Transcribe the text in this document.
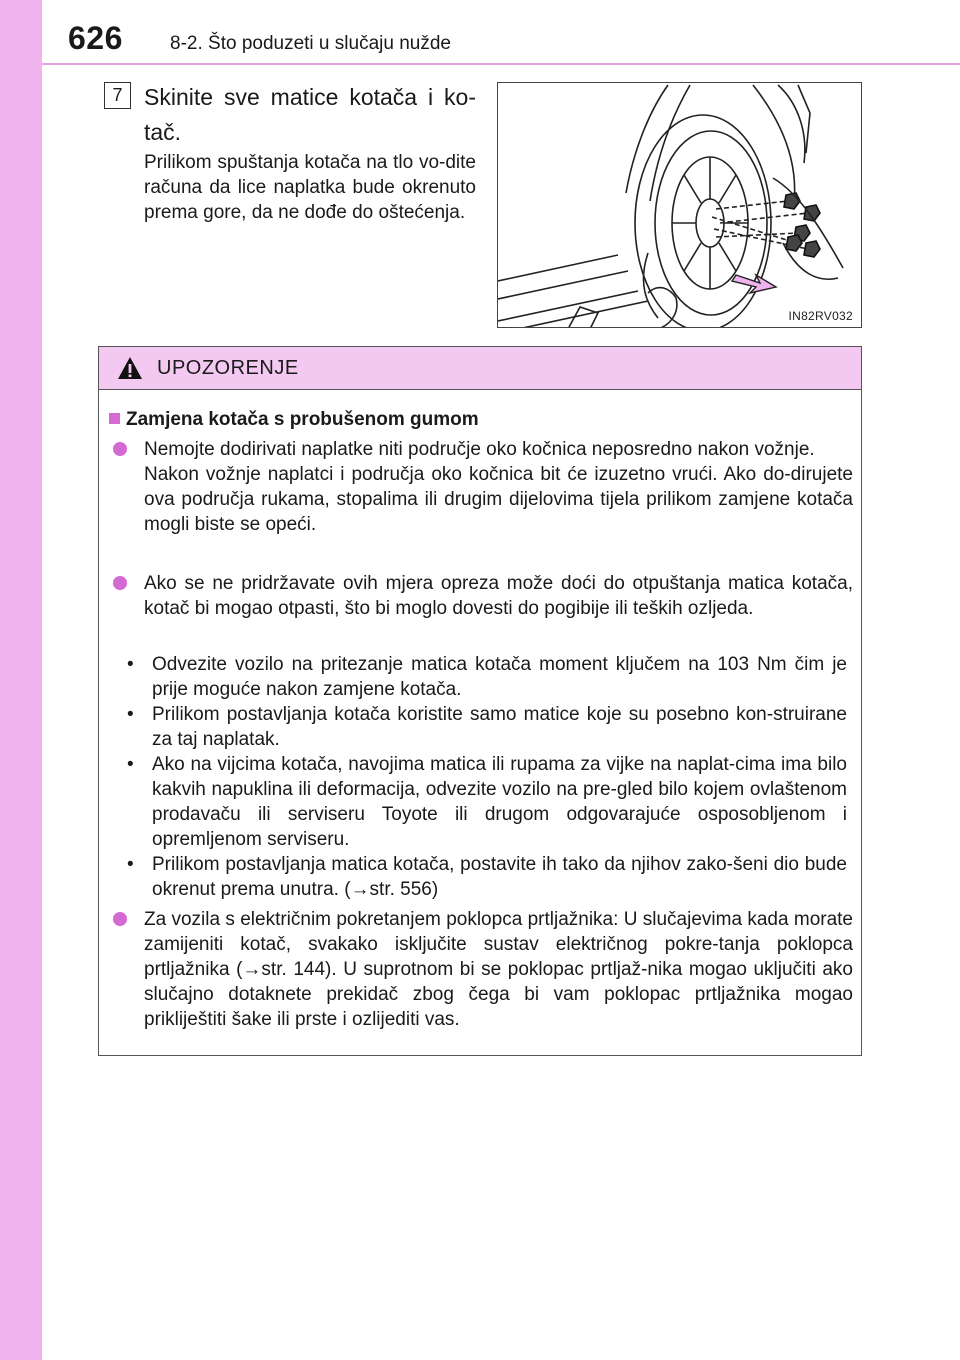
626 8-2. Što poduzeti u slučaju nužde
7 Skinite sve matice kotača i ko-tač.
Prilikom spuštanja kotača na tlo vo-dite računa da lice naplatka bude okrenuto prema gore, da ne dođe do oštećenja.
IN82RV032
UPOZORENJE
Zamjena kotača s probušenom gumom

Nemojte dodirivati naplatke niti područje oko kočnica neposredno nakon vožnje.

Nakon vožnje naplatci i područja oko kočnica bit će izuzetno vrući. Ako do-dirujete ova područja rukama, stopalima ili drugim dijelovima tijela prilikom zamjene kotača mogli biste se opeći.

Ako se ne pridržavate ovih mjera opreza može doći do otpuštanja matica kotača, kotač bi mogao otpasti, što bi moglo dovesti do pogibije ili teških ozljeda.
• Odvezite vozilo na pritezanje matica kotača moment ključem na 103 Nm čim je prije moguće nakon zamjene kotača.
• Prilikom postavljanja kotača koristite samo matice koje su posebno kon-struirane za taj naplatak.
• Ako na vijcima kotača, navojima matica ili rupama za vijke na naplat-cima ima bilo kakvih napuklina ili deformacija, odvezite vozilo na pre-gled bilo kojem ovlaštenom prodavaču ili serviseru Toyote ili drugom odgovarajuće osposobljenom i opremljenom serviseru.
• Prilikom postavljanja matica kotača, postavite ih tako da njihov zako-šeni dio bude okrenut prema unutra. (→str. 556)
Za vozila s električnim pokretanjem poklopca prtljažnika: U slučajevima kada morate zamijeniti kotač, svakako isključite sustav električnog pokre-tanja poklopca prtljažnika (→str. 144). U suprotnom bi se poklopac prtljaž-nika mogao uključiti ako slučajno dotaknete prekidač zbog čega bi vam poklopac prtljažnika mogao prikliještiti šake ili prste i ozlijediti vas.
